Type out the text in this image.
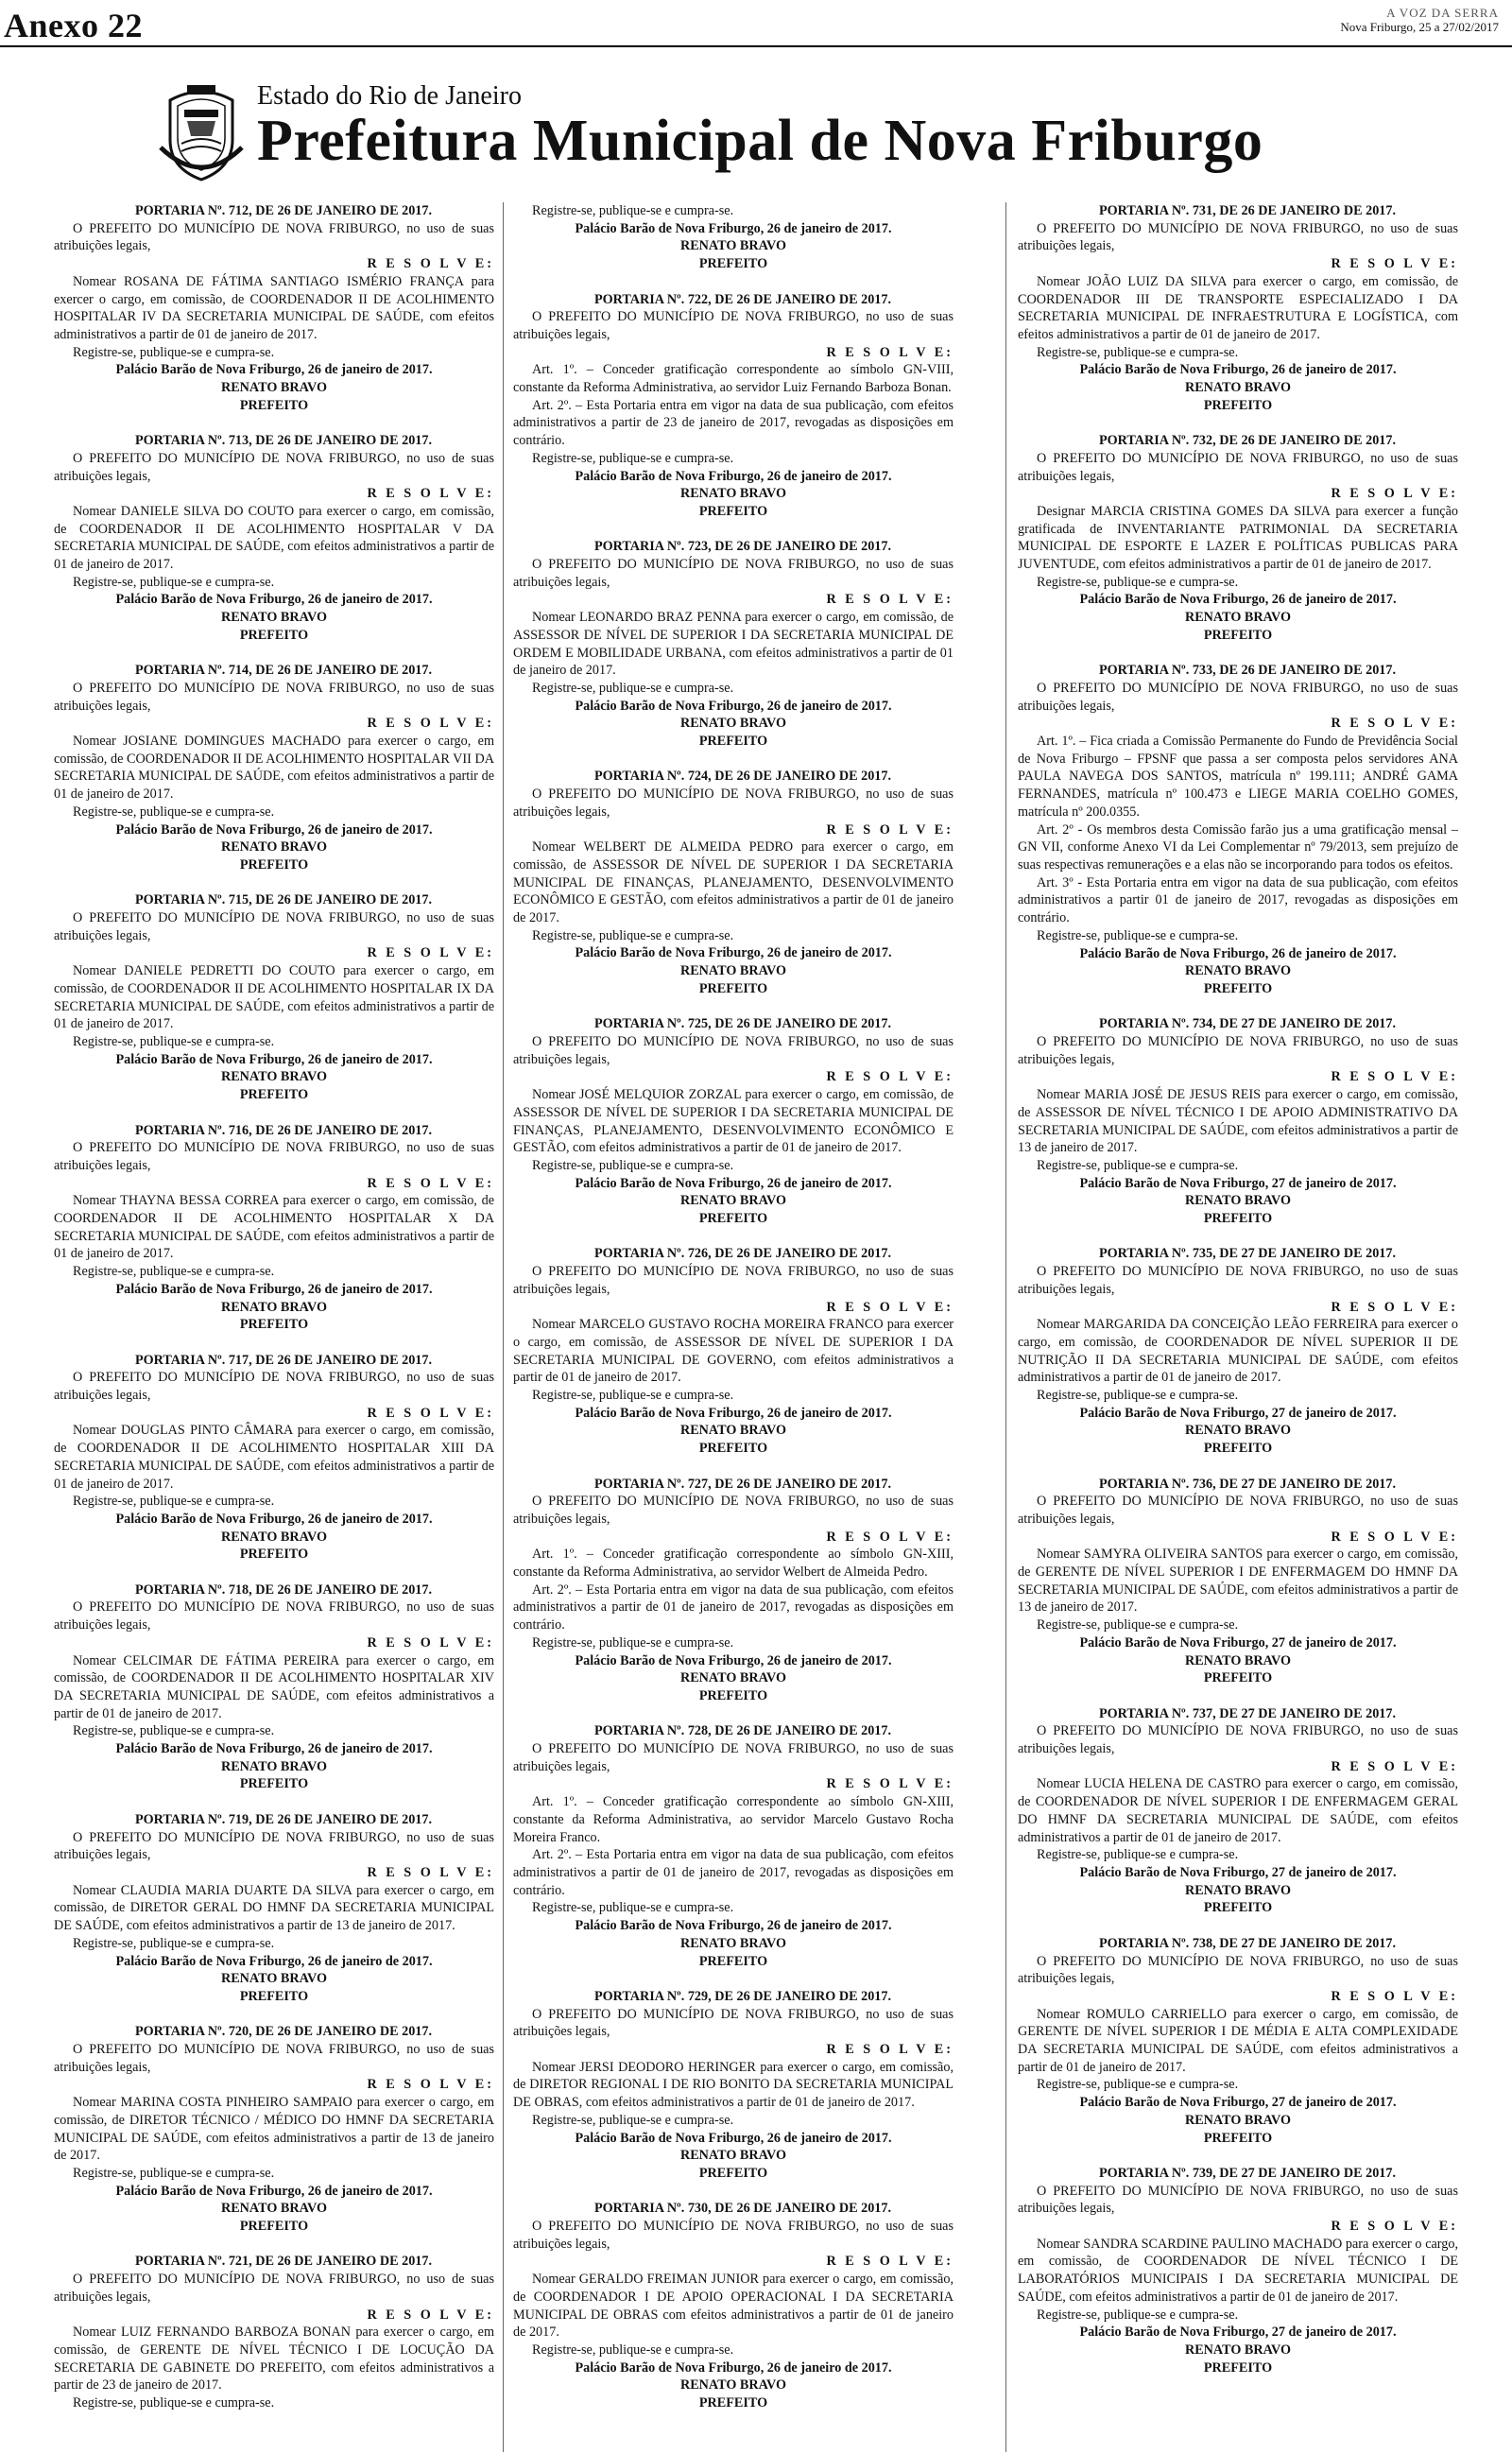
Anexo 22	A VOZ DA SERRA
Nova Friburgo, 25 a 27/02/2017
Estado do Rio de Janeiro
Prefeitura Municipal de Nova Friburgo

PORTARIA Nº. 712, DE 26 DE JANEIRO DE 2017.

O PREFEITO DO MUNICÍPIO DE NOVA FRIBURGO, no uso de suas atribuições legais,

R E S O L V E:

Nomear ROSANA DE FÁTIMA SANTIAGO ISMÉRIO FRANÇA para exercer o cargo, em comissão, de COORDENADOR II DE ACOLHIMENTO HOSPITALAR IV DA SECRETARIA MUNICIPAL DE SAÚDE, com efeitos administrativos a partir de 01 de janeiro de 2017.

Registre-se, publique-se e cumpra-se.

Palácio Barão de Nova Friburgo, 26 de janeiro de 2017.

RENATO BRAVO

PREFEITO

PORTARIA Nº. 713, DE 26 DE JANEIRO DE 2017.

O PREFEITO DO MUNICÍPIO DE NOVA FRIBURGO, no uso de suas atribuições legais,

R E S O L V E:

Nomear DANIELE SILVA DO COUTO para exercer o cargo, em comissão, de COORDENADOR II DE ACOLHIMENTO HOSPITALAR V DA SECRETARIA MUNICIPAL DE SAÚDE, com efeitos administrativos a partir de 01 de janeiro de 2017.

Registre-se, publique-se e cumpra-se.

Palácio Barão de Nova Friburgo, 26 de janeiro de 2017.

RENATO BRAVO

PREFEITO

PORTARIA Nº. 714, DE 26 DE JANEIRO DE 2017.

O PREFEITO DO MUNICÍPIO DE NOVA FRIBURGO, no uso de suas atribuições legais,

R E S O L V E:

Nomear JOSIANE DOMINGUES MACHADO para exercer o cargo, em comissão, de COORDENADOR II DE ACOLHIMENTO HOSPITALAR VII DA SECRETARIA MUNICIPAL DE SAÚDE, com efeitos administrativos a partir de 01 de janeiro de 2017.

Registre-se, publique-se e cumpra-se.

Palácio Barão de Nova Friburgo, 26 de janeiro de 2017.

RENATO BRAVO

PREFEITO

PORTARIA Nº. 715, DE 26 DE JANEIRO DE 2017.

O PREFEITO DO MUNICÍPIO DE NOVA FRIBURGO, no uso de suas atribuições legais,

R E S O L V E:

Nomear DANIELE PEDRETTI DO COUTO para exercer o cargo, em comissão, de COORDENADOR II DE ACOLHIMENTO HOSPITALAR IX DA SECRETARIA MUNICIPAL DE SAÚDE, com efeitos administrativos a partir de 01 de janeiro de 2017.

Registre-se, publique-se e cumpra-se.

Palácio Barão de Nova Friburgo, 26 de janeiro de 2017.

RENATO BRAVO

PREFEITO

PORTARIA Nº. 716, DE 26 DE JANEIRO DE 2017.

O PREFEITO DO MUNICÍPIO DE NOVA FRIBURGO, no uso de suas atribuições legais,

R E S O L V E:

Nomear THAYNA BESSA CORREA para exercer o cargo, em comissão, de COORDENADOR II DE ACOLHIMENTO HOSPITALAR X DA SECRETARIA MUNICIPAL DE SAÚDE, com efeitos administrativos a partir de 01 de janeiro de 2017.

Registre-se, publique-se e cumpra-se.

Palácio Barão de Nova Friburgo, 26 de janeiro de 2017.

RENATO BRAVO

PREFEITO

PORTARIA Nº. 717, DE 26 DE JANEIRO DE 2017.

O PREFEITO DO MUNICÍPIO DE NOVA FRIBURGO, no uso de suas atribuições legais,

R E S O L V E:

Nomear DOUGLAS PINTO CÂMARA para exercer o cargo, em comissão, de COORDENADOR II DE ACOLHIMENTO HOSPITALAR XIII DA SECRETARIA MUNICIPAL DE SAÚDE, com efeitos administrativos a partir de 01 de janeiro de 2017.

Registre-se, publique-se e cumpra-se.

Palácio Barão de Nova Friburgo, 26 de janeiro de 2017.

RENATO BRAVO

PREFEITO

PORTARIA Nº. 718, DE 26 DE JANEIRO DE 2017.

O PREFEITO DO MUNICÍPIO DE NOVA FRIBURGO, no uso de suas atribuições legais,

R E S O L V E:

Nomear CELCIMAR DE FÁTIMA PEREIRA para exercer o cargo, em comissão, de COORDENADOR II DE ACOLHIMENTO HOSPITALAR XIV DA SECRETARIA MUNICIPAL DE SAÚDE, com efeitos administrativos a partir de 01 de janeiro de 2017.

Registre-se, publique-se e cumpra-se.

Palácio Barão de Nova Friburgo, 26 de janeiro de 2017.

RENATO BRAVO

PREFEITO

PORTARIA Nº. 719, DE 26 DE JANEIRO DE 2017.

O PREFEITO DO MUNICÍPIO DE NOVA FRIBURGO, no uso de suas atribuições legais,

R E S O L V E:

Nomear CLAUDIA MARIA DUARTE DA SILVA para exercer o cargo, em comissão, de DIRETOR GERAL DO HMNF DA SECRETARIA MUNICIPAL DE SAÚDE, com efeitos administrativos a partir de 13 de janeiro de 2017.

Registre-se, publique-se e cumpra-se.

Palácio Barão de Nova Friburgo, 26 de janeiro de 2017.

RENATO BRAVO

PREFEITO

PORTARIA Nº. 720, DE 26 DE JANEIRO DE 2017.

O PREFEITO DO MUNICÍPIO DE NOVA FRIBURGO, no uso de suas atribuições legais,

R E S O L V E:

Nomear MARINA COSTA PINHEIRO SAMPAIO para exercer o cargo, em comissão, de DIRETOR TÉCNICO / MÉDICO DO HMNF DA SECRETARIA MUNICIPAL DE SAÚDE, com efeitos administrativos a partir de 13 de janeiro de 2017.

Registre-se, publique-se e cumpra-se.

Palácio Barão de Nova Friburgo, 26 de janeiro de 2017.

RENATO BRAVO

PREFEITO

PORTARIA Nº. 721, DE 26 DE JANEIRO DE 2017.

O PREFEITO DO MUNICÍPIO DE NOVA FRIBURGO, no uso de suas atribuições legais,

R E S O L V E:

Nomear LUIZ FERNANDO BARBOZA BONAN para exercer o cargo, em comissão, de GERENTE DE NÍVEL TÉCNICO I DE LOCUÇÃO DA SECRETARIA DE GABINETE DO PREFEITO, com efeitos administrativos a partir de 23 de janeiro de 2017.

Registre-se, publique-se e cumpra-se.

Registre-se, publique-se e cumpra-se.

Palácio Barão de Nova Friburgo, 26 de janeiro de 2017.

RENATO BRAVO

PREFEITO

PORTARIA Nº. 722, DE 26 DE JANEIRO DE 2017.

O PREFEITO DO MUNICÍPIO DE NOVA FRIBURGO, no uso de suas atribuições legais,

R E S O L V E:

Art. 1º. – Conceder gratificação correspondente ao símbolo GN-VIII, constante da Reforma Administrativa, ao servidor Luiz Fernando Barboza Bonan.

Art. 2º. – Esta Portaria entra em vigor na data de sua publicação, com efeitos administrativos a partir de 23 de janeiro de 2017, revogadas as disposições em contrário.

Registre-se, publique-se e cumpra-se.

Palácio Barão de Nova Friburgo, 26 de janeiro de 2017.

RENATO BRAVO

PREFEITO

PORTARIA Nº. 723, DE 26 DE JANEIRO DE 2017.

O PREFEITO DO MUNICÍPIO DE NOVA FRIBURGO, no uso de suas atribuições legais,

R E S O L V E:

Nomear LEONARDO BRAZ PENNA para exercer o cargo, em comissão, de ASSESSOR DE NÍVEL DE SUPERIOR I DA SECRETARIA MUNICIPAL DE ORDEM E MOBILIDADE URBANA, com efeitos administrativos a partir de 01 de janeiro de 2017.

Registre-se, publique-se e cumpra-se.

Palácio Barão de Nova Friburgo, 26 de janeiro de 2017.

RENATO BRAVO

PREFEITO

PORTARIA Nº. 724, DE 26 DE JANEIRO DE 2017.

O PREFEITO DO MUNICÍPIO DE NOVA FRIBURGO, no uso de suas atribuições legais,

R E S O L V E:

Nomear WELBERT DE ALMEIDA PEDRO para exercer o cargo, em comissão, de ASSESSOR DE NÍVEL DE SUPERIOR I DA SECRETARIA MUNICIPAL DE FINANÇAS, PLANEJAMENTO, DESENVOLVIMENTO ECONÔMICO E GESTÃO, com efeitos administrativos a partir de 01 de janeiro de 2017.

Registre-se, publique-se e cumpra-se.

Palácio Barão de Nova Friburgo, 26 de janeiro de 2017.

RENATO BRAVO

PREFEITO

PORTARIA Nº. 725, DE 26 DE JANEIRO DE 2017.

O PREFEITO DO MUNICÍPIO DE NOVA FRIBURGO, no uso de suas atribuições legais,

R E S O L V E:

Nomear JOSÉ MELQUIOR ZORZAL para exercer o cargo, em comissão, de ASSESSOR DE NÍVEL DE SUPERIOR I DA SECRETARIA MUNICIPAL DE FINANÇAS, PLANEJAMENTO, DESENVOLVIMENTO ECONÔMICO E GESTÃO, com efeitos administrativos a partir de 01 de janeiro de 2017.

Registre-se, publique-se e cumpra-se.

Palácio Barão de Nova Friburgo, 26 de janeiro de 2017.

RENATO BRAVO

PREFEITO

PORTARIA Nº. 726, DE 26 DE JANEIRO DE 2017.

O PREFEITO DO MUNICÍPIO DE NOVA FRIBURGO, no uso de suas atribuições legais,

R E S O L V E:

Nomear MARCELO GUSTAVO ROCHA MOREIRA FRANCO para exercer o cargo, em comissão, de ASSESSOR DE NÍVEL DE SUPERIOR I DA SECRETARIA MUNICIPAL DE GOVERNO, com efeitos administrativos a partir de 01 de janeiro de 2017.

Registre-se, publique-se e cumpra-se.

Palácio Barão de Nova Friburgo, 26 de janeiro de 2017.

RENATO BRAVO

PREFEITO

PORTARIA Nº. 727, DE 26 DE JANEIRO DE 2017.

O PREFEITO DO MUNICÍPIO DE NOVA FRIBURGO, no uso de suas atribuições legais,

R E S O L V E:

Art. 1º. – Conceder gratificação correspondente ao símbolo GN-XIII, constante da Reforma Administrativa, ao servidor Welbert de Almeida Pedro.

Art. 2º. – Esta Portaria entra em vigor na data de sua publicação, com efeitos administrativos a partir de 01 de janeiro de 2017, revogadas as disposições em contrário.

Registre-se, publique-se e cumpra-se.

Palácio Barão de Nova Friburgo, 26 de janeiro de 2017.

RENATO BRAVO

PREFEITO

PORTARIA Nº. 728, DE 26 DE JANEIRO DE 2017.

O PREFEITO DO MUNICÍPIO DE NOVA FRIBURGO, no uso de suas atribuições legais,

R E S O L V E:

Art. 1º. – Conceder gratificação correspondente ao símbolo GN-XIII, constante da Reforma Administrativa, ao servidor Marcelo Gustavo Rocha Moreira Franco.

Art. 2º. – Esta Portaria entra em vigor na data de sua publicação, com efeitos administrativos a partir de 01 de janeiro de 2017, revogadas as disposições em contrário.

Registre-se, publique-se e cumpra-se.

Palácio Barão de Nova Friburgo, 26 de janeiro de 2017.

RENATO BRAVO

PREFEITO

PORTARIA Nº. 729, DE 26 DE JANEIRO DE 2017.

O PREFEITO DO MUNICÍPIO DE NOVA FRIBURGO, no uso de suas atribuições legais,

R E S O L V E:

Nomear JERSI DEODORO HERINGER para exercer o cargo, em comissão, de DIRETOR REGIONAL I DE RIO BONITO DA SECRETARIA MUNICIPAL DE OBRAS, com efeitos administrativos a partir de 01 de janeiro de 2017.

Registre-se, publique-se e cumpra-se.

Palácio Barão de Nova Friburgo, 26 de janeiro de 2017.

RENATO BRAVO

PREFEITO

PORTARIA Nº. 730, DE 26 DE JANEIRO DE 2017.

O PREFEITO DO MUNICÍPIO DE NOVA FRIBURGO, no uso de suas atribuições legais,

R E S O L V E:

Nomear GERALDO FREIMAN JUNIOR para exercer o cargo, em comissão, de COORDENADOR I DE APOIO OPERACIONAL I DA SECRETARIA MUNICIPAL DE OBRAS com efeitos administrativos a partir de 01 de janeiro de 2017.

Registre-se, publique-se e cumpra-se.

Palácio Barão de Nova Friburgo, 26 de janeiro de 2017.

RENATO BRAVO

PREFEITO

PORTARIA Nº. 731, DE 26 DE JANEIRO DE 2017.

O PREFEITO DO MUNICÍPIO DE NOVA FRIBURGO, no uso de suas atribuições legais,

R E S O L V E:

Nomear JOÃO LUIZ DA SILVA para exercer o cargo, em comissão, de COORDENADOR III DE TRANSPORTE ESPECIALIZADO I DA SECRETARIA MUNICIPAL DE INFRAESTRUTURA E LOGÍSTICA, com efeitos administrativos a partir de 01 de janeiro de 2017.

Registre-se, publique-se e cumpra-se.

Palácio Barão de Nova Friburgo, 26 de janeiro de 2017.

RENATO BRAVO

PREFEITO

PORTARIA Nº. 732, DE 26 DE JANEIRO DE 2017.

O PREFEITO DO MUNICÍPIO DE NOVA FRIBURGO, no uso de suas atribuições legais,

R E S O L V E:

Designar MARCIA CRISTINA GOMES DA SILVA para exercer a função gratificada de INVENTARIANTE PATRIMONIAL DA SECRETARIA MUNICIPAL DE ESPORTE E LAZER E POLÍTICAS PUBLICAS PARA JUVENTUDE, com efeitos administrativos a partir de 01 de janeiro de 2017.

Registre-se, publique-se e cumpra-se.

Palácio Barão de Nova Friburgo, 26 de janeiro de 2017.

RENATO BRAVO

PREFEITO

PORTARIA Nº. 733, DE 26 DE JANEIRO DE 2017.

O PREFEITO DO MUNICÍPIO DE NOVA FRIBURGO, no uso de suas atribuições legais,

R E S O L V E:

Art. 1º. – Fica criada a Comissão Permanente do Fundo de Previdência Social de Nova Friburgo – FPSNF que passa a ser composta pelos servidores ANA PAULA NAVEGA DOS SANTOS, matrícula nº 199.111; ANDRÉ GAMA FERNANDES, matrícula nº 100.473 e LIEGE MARIA COELHO GOMES, matrícula nº 200.0355.

Art. 2º - Os membros desta Comissão farão jus a uma gratificação mensal – GN VII, conforme Anexo VI da Lei Complementar nº 79/2013, sem prejuízo de suas respectivas remunerações e a elas não se incorporando para todos os efeitos.

Art. 3º - Esta Portaria entra em vigor na data de sua publicação, com efeitos administrativos a partir 01 de janeiro de 2017, revogadas as disposições em contrário.

Registre-se, publique-se e cumpra-se.

Palácio Barão de Nova Friburgo, 26 de janeiro de 2017.

RENATO BRAVO

PREFEITO

PORTARIA Nº. 734, DE 27 DE JANEIRO DE 2017.

O PREFEITO DO MUNICÍPIO DE NOVA FRIBURGO, no uso de suas atribuições legais,

R E S O L V E:

Nomear MARIA JOSÉ DE JESUS REIS para exercer o cargo, em comissão, de ASSESSOR DE NÍVEL TÉCNICO I DE APOIO ADMINISTRATIVO DA SECRETARIA MUNICIPAL DE SAÚDE, com efeitos administrativos a partir de 13 de janeiro de 2017.

Registre-se, publique-se e cumpra-se.

Palácio Barão de Nova Friburgo, 27 de janeiro de 2017.

RENATO BRAVO

PREFEITO

PORTARIA Nº. 735, DE 27 DE JANEIRO DE 2017.

O PREFEITO DO MUNICÍPIO DE NOVA FRIBURGO, no uso de suas atribuições legais,

R E S O L V E:

Nomear MARGARIDA DA CONCEIÇÃO LEÃO FERREIRA para exercer o cargo, em comissão, de COORDENADOR DE NÍVEL SUPERIOR II DE NUTRIÇÃO II DA SECRETARIA MUNICIPAL DE SAÚDE, com efeitos administrativos a partir de 01 de janeiro de 2017.

Registre-se, publique-se e cumpra-se.

Palácio Barão de Nova Friburgo, 27 de janeiro de 2017.

RENATO BRAVO

PREFEITO

PORTARIA Nº. 736, DE 27 DE JANEIRO DE 2017.

O PREFEITO DO MUNICÍPIO DE NOVA FRIBURGO, no uso de suas atribuições legais,

R E S O L V E:

Nomear SAMYRA OLIVEIRA SANTOS para exercer o cargo, em comissão, de GERENTE DE NÍVEL SUPERIOR I DE ENFERMAGEM DO HMNF DA SECRETARIA MUNICIPAL DE SAÚDE, com efeitos administrativos a partir de 13 de janeiro de 2017.

Registre-se, publique-se e cumpra-se.

Palácio Barão de Nova Friburgo, 27 de janeiro de 2017.

RENATO BRAVO

PREFEITO

PORTARIA Nº. 737, DE 27 DE JANEIRO DE 2017.

O PREFEITO DO MUNICÍPIO DE NOVA FRIBURGO, no uso de suas atribuições legais,

R E S O L V E:

Nomear LUCIA HELENA DE CASTRO para exercer o cargo, em comissão, de COORDENADOR DE NÍVEL SUPERIOR I DE ENFERMAGEM GERAL DO HMNF DA SECRETARIA MUNICIPAL DE SAÚDE, com efeitos administrativos a partir de 01 de janeiro de 2017.

Registre-se, publique-se e cumpra-se.

Palácio Barão de Nova Friburgo, 27 de janeiro de 2017.

RENATO BRAVO

PREFEITO

PORTARIA Nº. 738, DE 27 DE JANEIRO DE 2017.

O PREFEITO DO MUNICÍPIO DE NOVA FRIBURGO, no uso de suas atribuições legais,

R E S O L V E:

Nomear ROMULO CARRIELLO para exercer o cargo, em comissão, de GERENTE DE NÍVEL SUPERIOR I DE MÉDIA E ALTA COMPLEXIDADE DA SECRETARIA MUNICIPAL DE SAÚDE, com efeitos administrativos a partir de 01 de janeiro de 2017.

Registre-se, publique-se e cumpra-se.

Palácio Barão de Nova Friburgo, 27 de janeiro de 2017.

RENATO BRAVO

PREFEITO

PORTARIA Nº. 739, DE 27 DE JANEIRO DE 2017.

O PREFEITO DO MUNICÍPIO DE NOVA FRIBURGO, no uso de suas atribuições legais,

R E S O L V E:

Nomear SANDRA SCARDINE PAULINO MACHADO para exercer o cargo, em comissão, de COORDENADOR DE NÍVEL TÉCNICO I DE LABORATÓRIOS MUNICIPAIS I DA SECRETARIA MUNICIPAL DE SAÚDE, com efeitos administrativos a partir de 01 de janeiro de 2017.

Registre-se, publique-se e cumpra-se.

Palácio Barão de Nova Friburgo, 27 de janeiro de 2017.

RENATO BRAVO

PREFEITO
